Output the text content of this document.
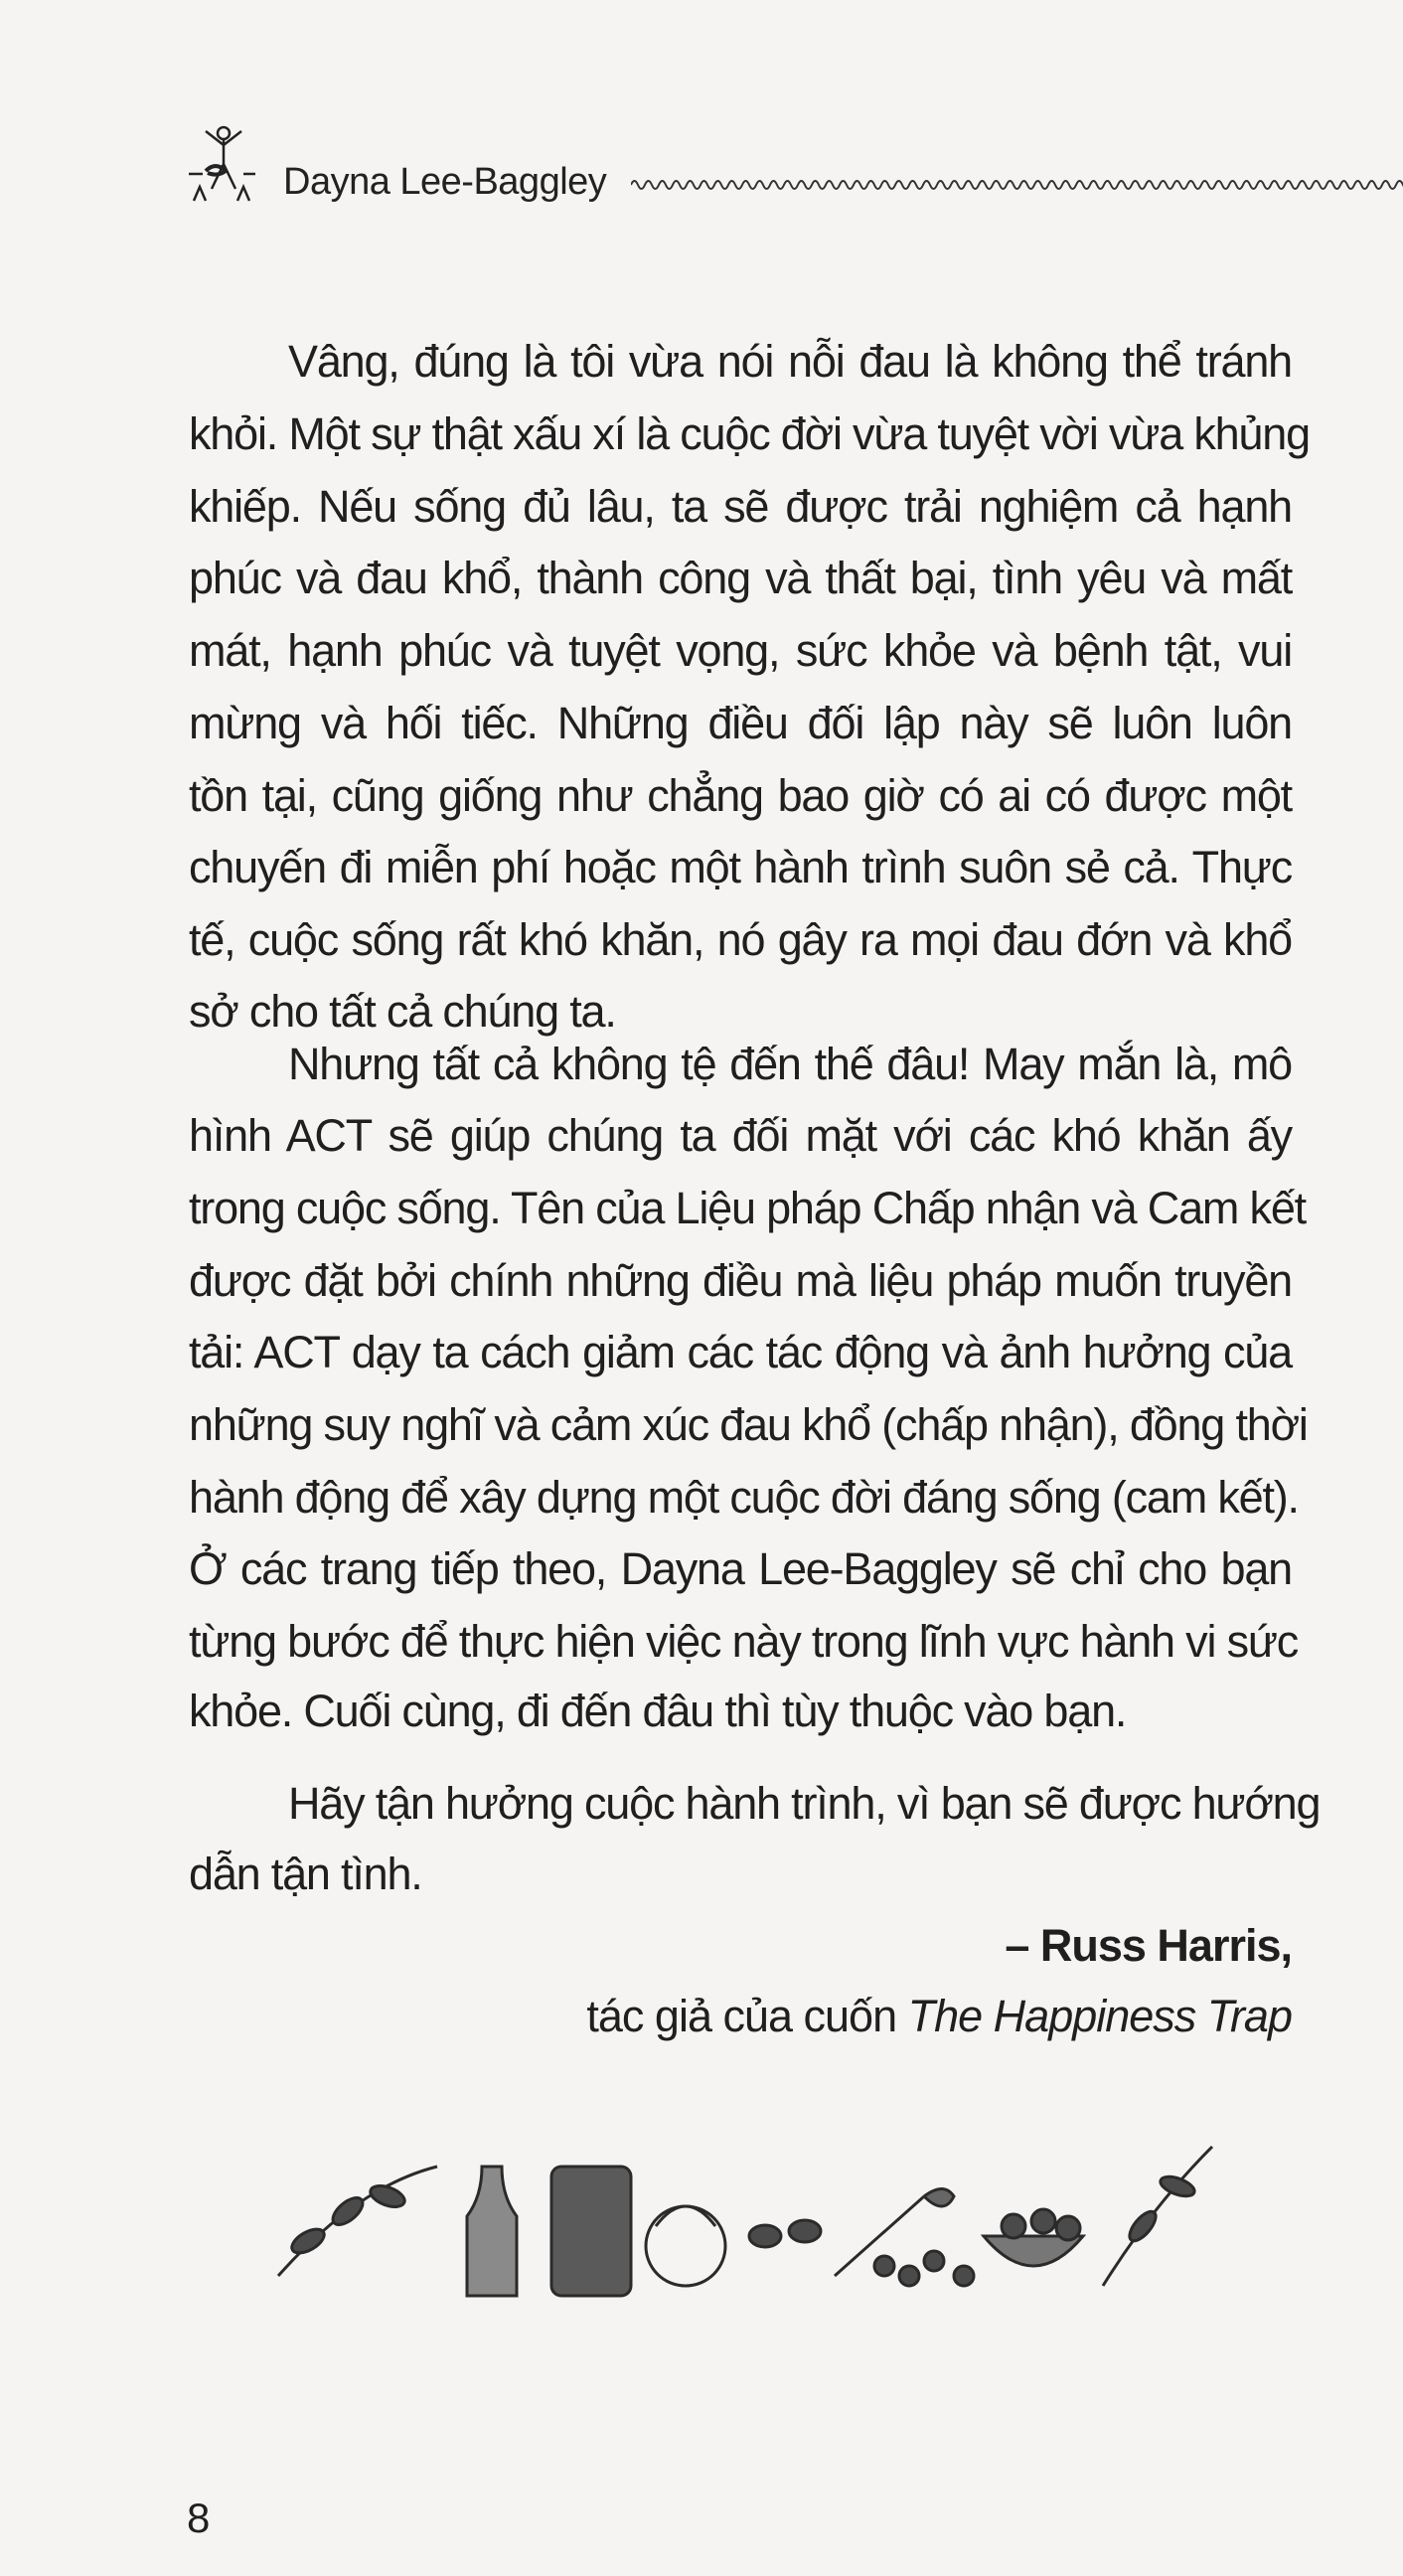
Dayna Lee-Baggley
Vâng, đúng là tôi vừa nói nỗi đau là không thể tránh
khỏi. Một sự thật xấu xí là cuộc đời vừa tuyệt vời vừa khủng
khiếp. Nếu sống đủ lâu, ta sẽ được trải nghiệm cả hạnh
phúc và đau khổ, thành công và thất bại, tình yêu và mất
mát, hạnh phúc và tuyệt vọng, sức khỏe và bệnh tật, vui
mừng và hối tiếc. Những điều đối lập này sẽ luôn luôn
tồn tại, cũng giống như chẳng bao giờ có ai có được một
chuyến đi miễn phí hoặc một hành trình suôn sẻ cả. Thực
tế, cuộc sống rất khó khăn, nó gây ra mọi đau đớn và khổ
sở cho tất cả chúng ta.
Nhưng tất cả không tệ đến thế đâu! May mắn là, mô
hình ACT sẽ giúp chúng ta đối mặt với các khó khăn ấy
trong cuộc sống. Tên của Liệu pháp Chấp nhận và Cam kết
được đặt bởi chính những điều mà liệu pháp muốn truyền
tải: ACT dạy ta cách giảm các tác động và ảnh hưởng của
những suy nghĩ và cảm xúc đau khổ (chấp nhận), đồng thời
hành động để xây dựng một cuộc đời đáng sống (cam kết).
Ở các trang tiếp theo, Dayna Lee-Baggley sẽ chỉ cho bạn
từng bước để thực hiện việc này trong lĩnh vực hành vi sức
khỏe. Cuối cùng, đi đến đâu thì tùy thuộc vào bạn.
Hãy tận hưởng cuộc hành trình, vì bạn sẽ được hướng
dẫn tận tình.
– Russ Harris,
tác giả của cuốn The Happiness Trap
8
